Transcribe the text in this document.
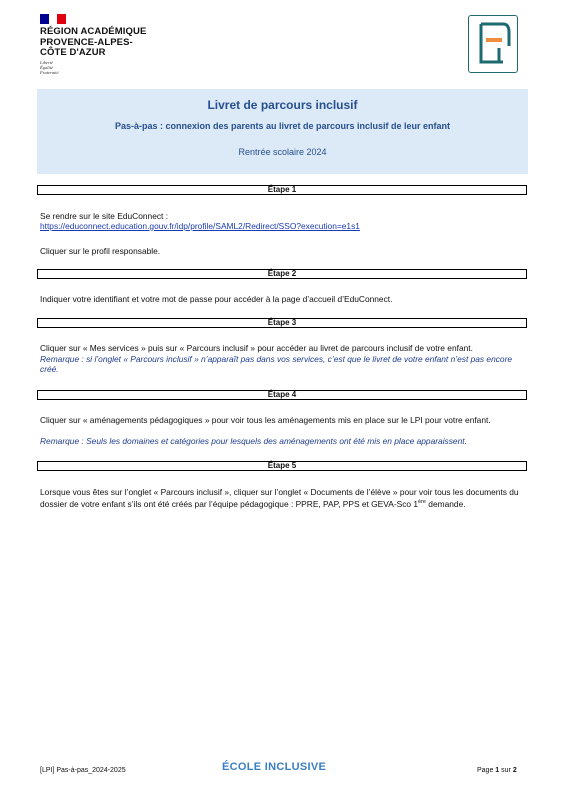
RÉGION ACADÉMIQUE
PROVENCE-ALPES-
CÔTE D'AZUR
Liberté
Égalité
Fraternité
Livret de parcours inclusif
Pas-à-pas : connexion des parents au livret de parcours inclusif de leur enfant
Rentrée scolaire 2024
Étape 1
Se rendre sur le site EduConnect :
https://educonnect.education.gouv.fr/idp/profile/SAML2/Redirect/SSO?execution=e1s1
Cliquer sur le profil responsable.
Étape 2
Indiquer votre identifiant et votre mot de passe pour accéder à la page d’accueil d’EduConnect.
Étape 3
Cliquer sur « Mes services » puis sur « Parcours inclusif » pour accéder au livret de parcours inclusif de votre enfant.
Remarque : si l’onglet « Parcours inclusif » n’apparaît pas dans vos services, c’est que le livret de votre enfant n’est pas encore créé.
Étape 4
Cliquer sur « aménagements pédagogiques » pour voir tous les aménagements mis en place sur le LPI pour votre enfant.
Remarque : Seuls les domaines et catégories pour lesquels des aménagements ont été mis en place apparaissent.
Étape 5
Lorsque vous êtes sur l’onglet « Parcours inclusif », cliquer sur l’onglet « Documents de l’élève » pour voir tous les documents du dossier de votre enfant s’ils ont été créés par l’équipe pédagogique : PPRE, PAP, PPS et GEVA-Sco 1ère demande.
[LPI] Pas-à-pas_2024-2025	ÉCOLE INCLUSIVE	Page 1 sur 2
